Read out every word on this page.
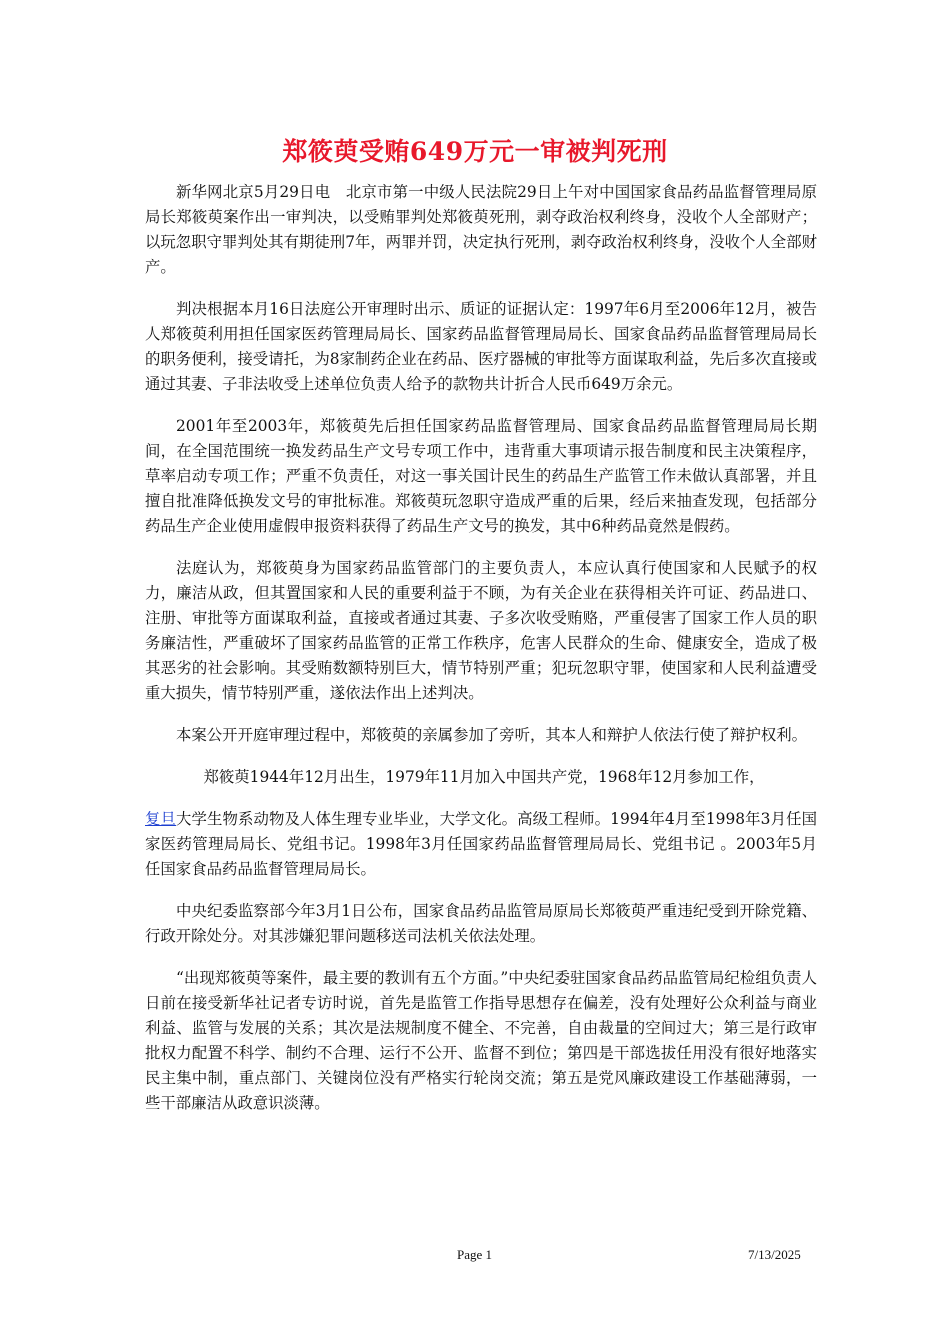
郑筱萸受贿649万元一审被判死刑

新华网北京5月29日电　北京市第一中级人民法院29日上午对中国国家食品药品监督管理局原局长郑筱萸案作出一审判决，以受贿罪判处郑筱萸死刑，剥夺政治权利终身，没收个人全部财产；以玩忽职守罪判处其有期徒刑7年，两罪并罚，决定执行死刑，剥夺政治权利终身，没收个人全部财产。

判决根据本月16日法庭公开审理时出示、质证的证据认定：1997年6月至2006年12月，被告人郑筱萸利用担任国家医药管理局局长、国家药品监督管理局局长、国家食品药品监督管理局局长的职务便利，接受请托，为8家制药企业在药品、医疗器械的审批等方面谋取利益，先后多次直接或通过其妻、子非法收受上述单位负责人给予的款物共计折合人民币649万余元。

2001年至2003年，郑筱萸先后担任国家药品监督管理局、国家食品药品监督管理局局长期间，在全国范围统一换发药品生产文号专项工作中，违背重大事项请示报告制度和民主决策程序，草率启动专项工作；严重不负责任，对这一事关国计民生的药品生产监管工作未做认真部署，并且擅自批准降低换发文号的审批标准。郑筱萸玩忽职守造成严重的后果，经后来抽查发现，包括部分药品生产企业使用虚假申报资料获得了药品生产文号的换发，其中6种药品竟然是假药。

法庭认为，郑筱萸身为国家药品监管部门的主要负责人，本应认真行使国家和人民赋予的权力，廉洁从政，但其置国家和人民的重要利益于不顾，为有关企业在获得相关许可证、药品进口、注册、审批等方面谋取利益，直接或者通过其妻、子多次收受贿赂，严重侵害了国家工作人员的职务廉洁性，严重破坏了国家药品监管的正常工作秩序，危害人民群众的生命、健康安全，造成了极其恶劣的社会影响。其受贿数额特别巨大，情节特别严重；犯玩忽职守罪，使国家和人民利益遭受重大损失，情节特别严重，遂依法作出上述判决。

本案公开开庭审理过程中，郑筱萸的亲属参加了旁听，其本人和辩护人依法行使了辩护权利。

郑筱萸1944年12月出生，1979年11月加入中国共产党，1968年12月参加工作，

复旦大学生物系动物及人体生理专业毕业，大学文化。高级工程师。1994年4月至1998年3月任国家医药管理局局长、党组书记。1998年3月任国家药品监督管理局局长、党组书记 。2003年5月任国家食品药品监督管理局局长。

中央纪委监察部今年3月1日公布，国家食品药品监管局原局长郑筱萸严重违纪受到开除党籍、行政开除处分。对其涉嫌犯罪问题移送司法机关依法处理。

“出现郑筱萸等案件，最主要的教训有五个方面。”中央纪委驻国家食品药品监管局纪检组负责人日前在接受新华社记者专访时说，首先是监管工作指导思想存在偏差，没有处理好公众利益与商业利益、监管与发展的关系；其次是法规制度不健全、不完善，自由裁量的空间过大；第三是行政审批权力配置不科学、制约不合理、运行不公开、监督不到位；第四是干部选拔任用没有很好地落实民主集中制，重点部门、关键岗位没有严格实行轮岗交流；第五是党风廉政建设工作基础薄弱，一些干部廉洁从政意识淡薄。

Page 1	7/13/2025
